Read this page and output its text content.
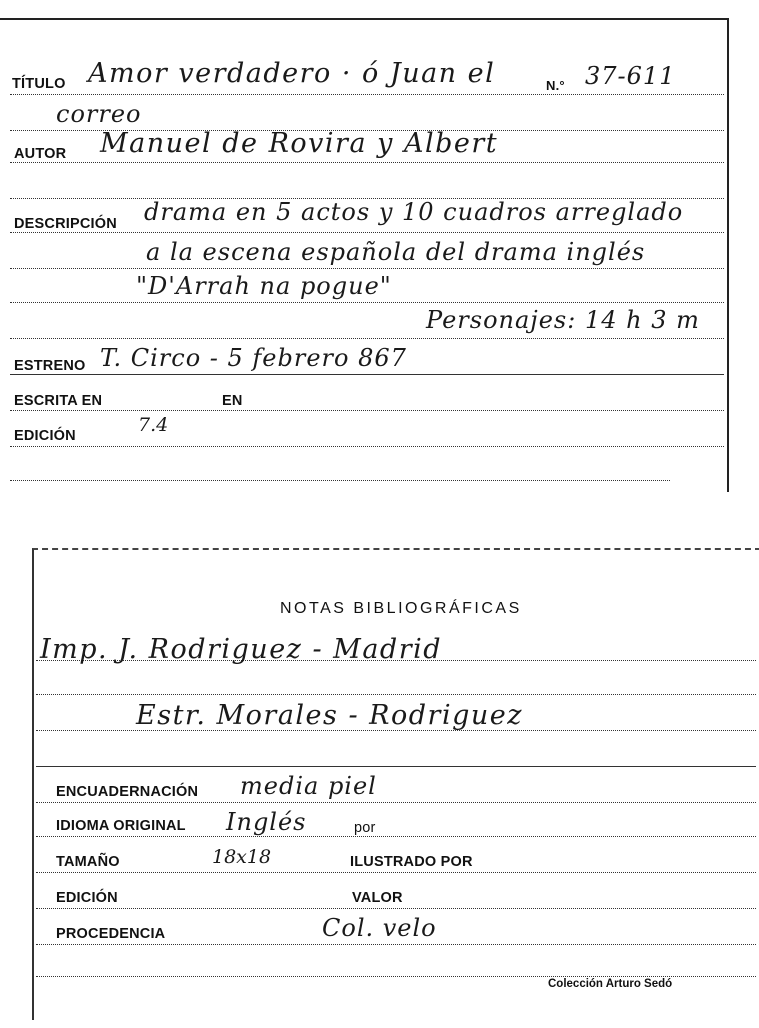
TÍTULO Amor verdadero · ó Juan el	N.° 37-611
correo
AUTOR Manuel de Rovira y Albert
DESCRIPCIÓN drama en 5 actos y 10 cuadros arreglado
a la escena española del drama inglés
"D'Arrah na pogue"
Personajes: 14 h 3 m
ESTRENO T. Circo - 5 febrero 867
ESCRITA EN	EN
EDICIÓN	7.4
NOTAS BIBLIOGRÁFICAS
Imp. J. Rodriguez - Madrid
Estr. Morales - Rodriguez
ENCUADERNACIÓN media piel
IDIOMA ORIGINAL Inglés	por
TAMAÑO	18x18	ILUSTRADO POR
EDICIÓN	VALOR
PROCEDENCIA	Col. velo
Colección Arturo Sedó
